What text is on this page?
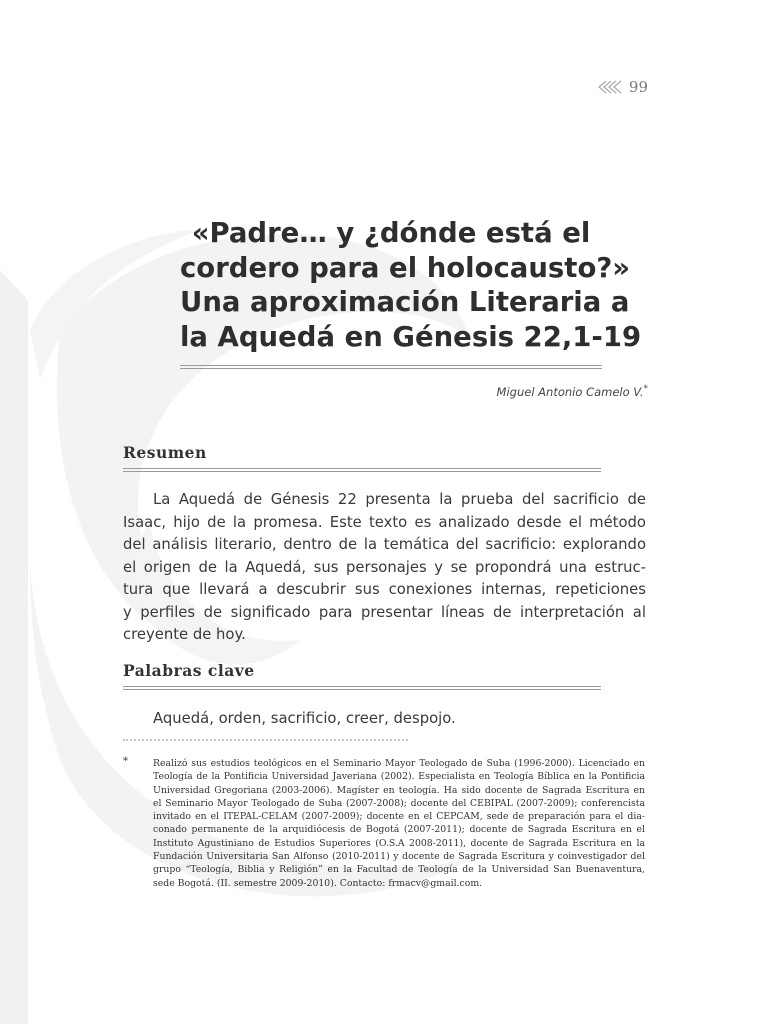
99
«Padre… y ¿dónde está el
cordero para el holocausto?»
Una aproximación Literaria a
la Aquedá en Génesis 22,1-19
Miguel Antonio Camelo V.*
Resumen

La Aquedá de Génesis 22 presenta la prueba del sacrificio de
Isaac, hijo de la promesa. Este texto es analizado desde el método
del análisis literario, dentro de la temática del sacrificio: explorando
el origen de la Aquedá, sus personajes y se propondrá una estruc-
tura que llevará a descubrir sus conexiones internas, repeticiones
y perfiles de significado para presentar líneas de interpretación al
creyente de hoy.

Palabras clave
Aquedá, orden, sacrificio, creer, despojo.
*	Realizó sus estudios teológicos en el Seminario Mayor Teologado de Suba (1996-2000). Licenciado en
Teología de la Pontificia Universidad Javeriana (2002). Especialista en Teología Bíblica en la Pontificia
Universidad Gregoriana (2003-2006). Magíster en teología. Ha sido docente de Sagrada Escritura en
el Seminario Mayor Teologado de Suba (2007-2008); docente del CEBIPAL (2007-2009); conferencista
invitado en el ITEPAL-CELAM (2007-2009); docente en el CEPCAM, sede de preparación para el dia-
conado permanente de la arquidiócesis de Bogotá (2007-2011); docente de Sagrada Escritura en el
Instituto Agustiniano de Estudios Superiores (O.S.A 2008-2011), docente de Sagrada Escritura en la
Fundación Universitaria San Alfonso (2010-2011) y docente de Sagrada Escritura y coinvestigador del
grupo “Teología, Biblia y Religión” en la Facultad de Teología de la Universidad San Buenaventura,
sede Bogotá. (II. semestre 2009-2010). Contacto: frmacv@gmail.com.
